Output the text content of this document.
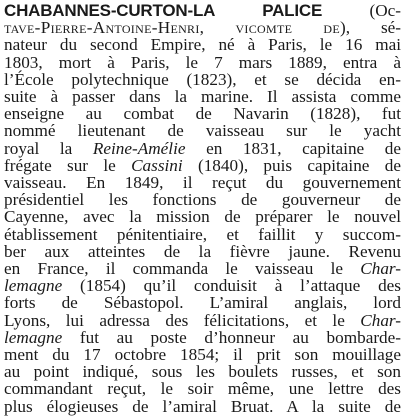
CHABANNES-CURTON-LA PALICE (Oc-
tave-Pierre-Antoine-Henri, vicomte de), sé-
nateur du second Empire, né à Paris, le 16 mai
1803, mort à Paris, le 7 mars 1889, entra à
l’École polytechnique (1823), et se décida en-
suite à passer dans la marine. Il assista comme
enseigne au combat de Navarin (1828), fut
nommé lieutenant de vaisseau sur le yacht
royal la Reine-Amélie en 1831, capitaine de
frégate sur le Cassini (1840), puis capitaine de
vaisseau. En 1849, il reçut du gouvernement
présidentiel les fonctions de gouverneur de
Cayenne, avec la mission de préparer le nouvel
établissement pénitentiaire, et faillit y succom-
ber aux atteintes de la fièvre jaune. Revenu
en France, il commanda le vaisseau le Char-
lemagne (1854) qu’il conduisit à l’attaque des
forts de Sébastopol. L’amiral anglais, lord
Lyons, lui adressa des félicitations, et le Char-
lemagne fut au poste d’honneur au bombarde-
ment du 17 octobre 1854; il prit son mouillage
au point indiqué, sous les boulets russes, et son
commandant reçut, le soir même, une lettre des
plus élogieuses de l’amiral Bruat. A la suite de
